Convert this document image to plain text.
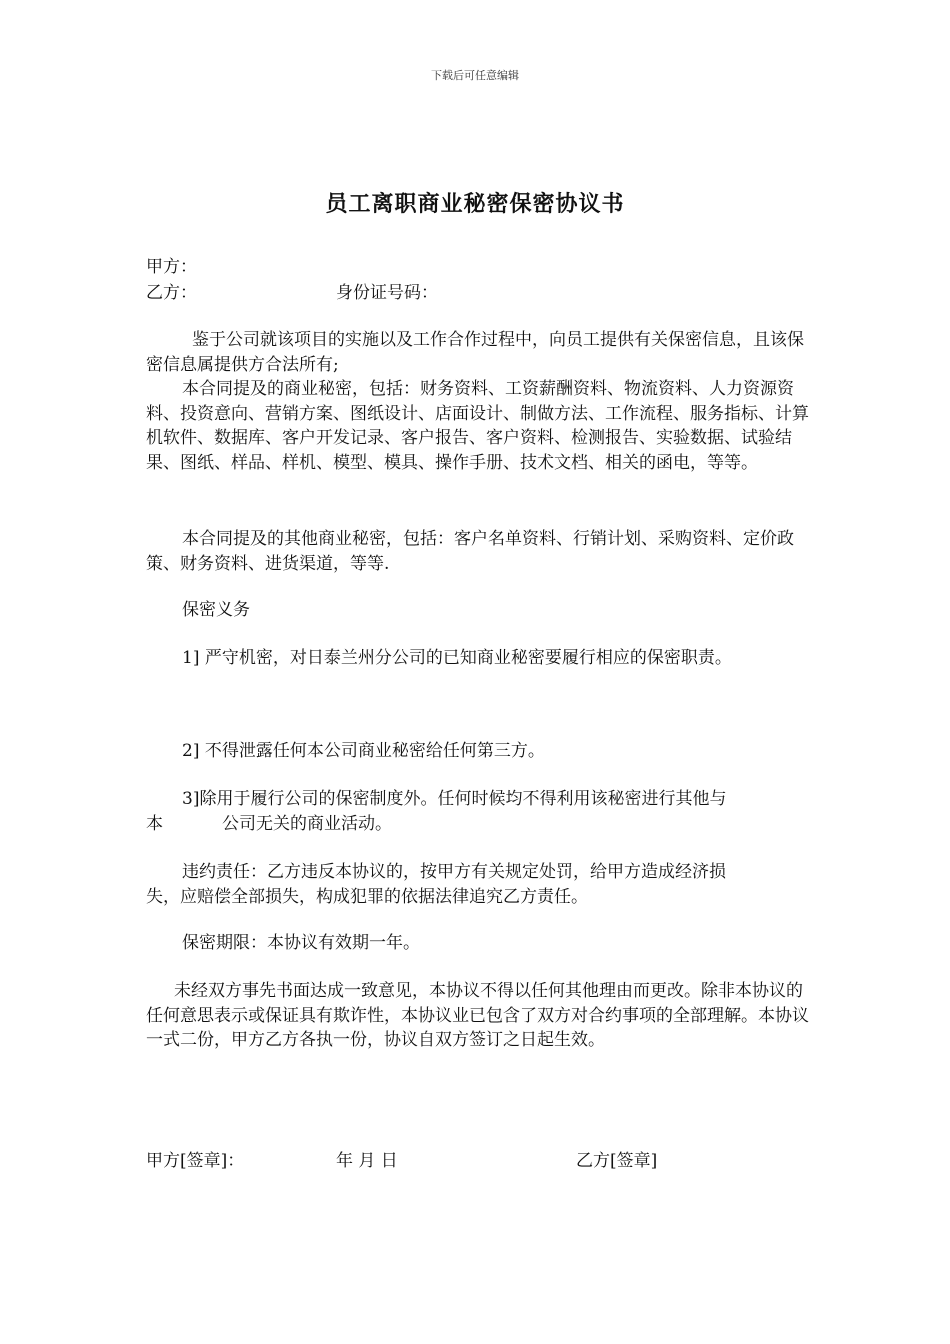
下载后可任意编辑
员工离职商业秘密保密协议书
甲方：
乙方：	身份证号码：

鉴于公司就该项目的实施以及工作合作过程中，向员工提供有关保密信息，且该保密信息属提供方合法所有;

本合同提及的商业秘密，包括：财务资料、工资薪酬资料、物流资料、人力资源资料、投资意向、营销方案、图纸设计、店面设计、制做方法、工作流程、服务指标、计算机软件、数据库、客户开发记录、客户报告、客户资料、检测报告、实验数据、试验结果、图纸、样品、样机、模型、模具、操作手册、技术文档、相关的函电，等等。

本合同提及的其他商业秘密，包括：客户名单资料、行销计划、采购资料、定价政策、财务资料、进货渠道，等等.

保密义务
1] 严守机密，对日泰兰州分公司的已知商业秘密要履行相应的保密职责。
2] 不得泄露任何本公司商业秘密给任何第三方。
3]除用于履行公司的保密制度外。任何时候均不得利用该秘密进行其他与
本	公司无关的商业活动。
违约责任：乙方违反本协议的，按甲方有关规定处罚，给甲方造成经济损
失，应赔偿全部损失，构成犯罪的依据法律追究乙方责任。
保密期限：本协议有效期一年。

未经双方事先书面达成一致意见，本协议不得以任何其他理由而更改。除非本协议的任何意思表示或保证具有欺诈性，本协议业已包含了双方对合约事项的全部理解。本协议一式二份，甲方乙方各执一份，协议自双方签订之日起生效。

甲方[签章]：	年 月 日	乙方[签章]
